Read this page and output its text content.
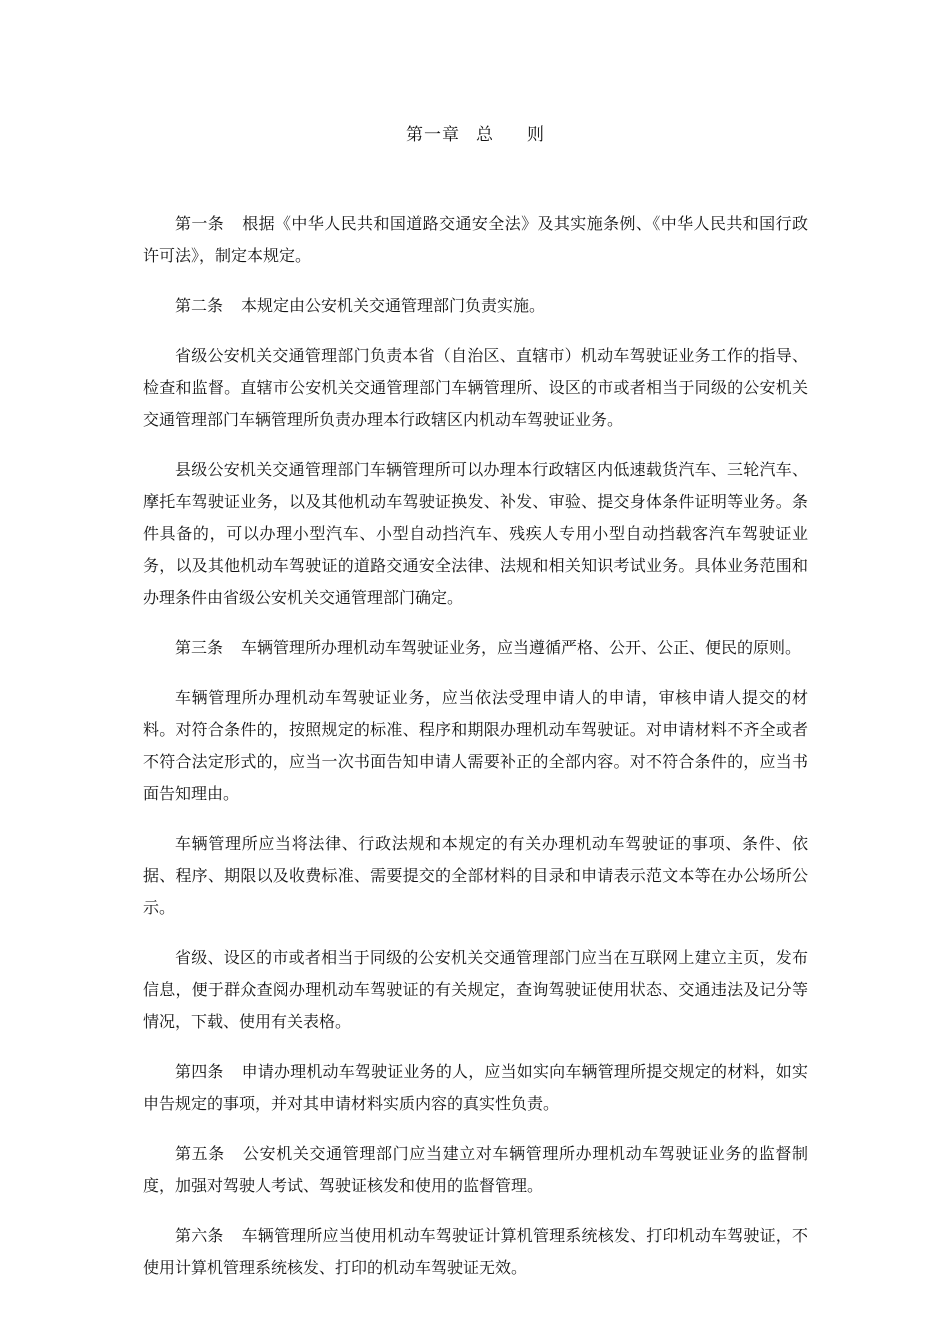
第一章 总则

第一条 根据《中华人民共和国道路交通安全法》及其实施条例、《中华人民共和国行政许可法》，制定本规定。

第二条 本规定由公安机关交通管理部门负责实施。

省级公安机关交通管理部门负责本省（自治区、直辖市）机动车驾驶证业务工作的指导、检查和监督。直辖市公安机关交通管理部门车辆管理所、设区的市或者相当于同级的公安机关交通管理部门车辆管理所负责办理本行政辖区内机动车驾驶证业务。

县级公安机关交通管理部门车辆管理所可以办理本行政辖区内低速载货汽车、三轮汽车、摩托车驾驶证业务，以及其他机动车驾驶证换发、补发、审验、提交身体条件证明等业务。条件具备的，可以办理小型汽车、小型自动挡汽车、残疾人专用小型自动挡载客汽车驾驶证业务，以及其他机动车驾驶证的道路交通安全法律、法规和相关知识考试业务。具体业务范围和办理条件由省级公安机关交通管理部门确定。

第三条 车辆管理所办理机动车驾驶证业务，应当遵循严格、公开、公正、便民的原则。

车辆管理所办理机动车驾驶证业务，应当依法受理申请人的申请，审核申请人提交的材料。对符合条件的，按照规定的标准、程序和期限办理机动车驾驶证。对申请材料不齐全或者不符合法定形式的，应当一次书面告知申请人需要补正的全部内容。对不符合条件的，应当书面告知理由。

车辆管理所应当将法律、行政法规和本规定的有关办理机动车驾驶证的事项、条件、依据、程序、期限以及收费标准、需要提交的全部材料的目录和申请表示范文本等在办公场所公示。

省级、设区的市或者相当于同级的公安机关交通管理部门应当在互联网上建立主页，发布信息，便于群众查阅办理机动车驾驶证的有关规定，查询驾驶证使用状态、交通违法及记分等情况，下载、使用有关表格。

第四条 申请办理机动车驾驶证业务的人，应当如实向车辆管理所提交规定的材料，如实申告规定的事项，并对其申请材料实质内容的真实性负责。

第五条 公安机关交通管理部门应当建立对车辆管理所办理机动车驾驶证业务的监督制度，加强对驾驶人考试、驾驶证核发和使用的监督管理。

第六条 车辆管理所应当使用机动车驾驶证计算机管理系统核发、打印机动车驾驶证，不使用计算机管理系统核发、打印的机动车驾驶证无效。
